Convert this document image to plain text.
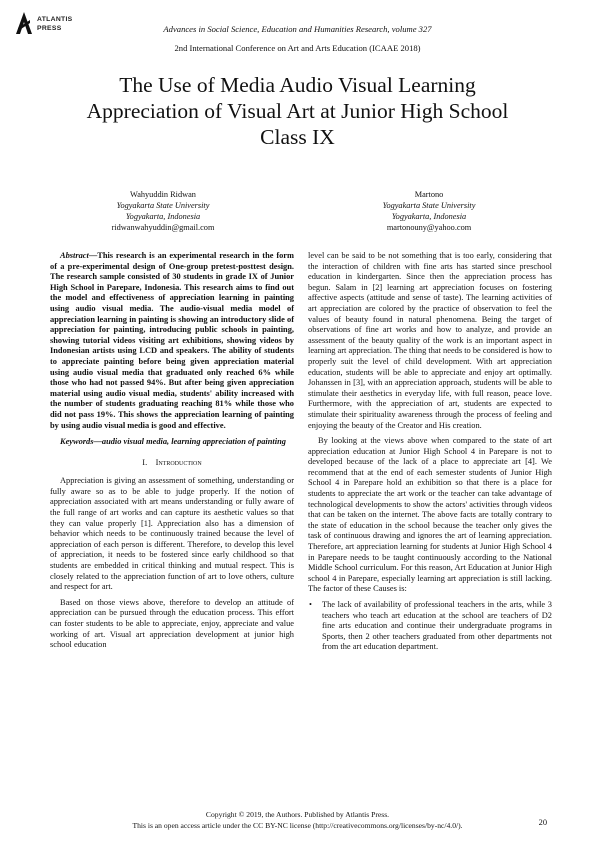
ATLANTIS
PRESS	Advances in Social Science, Education and Humanities Research, volume 327
2nd International Conference on Art and Arts Education (ICAAE 2018)
The Use of Media Audio Visual Learning
Appreciation of Visual Art at Junior High School
Class IX
Wahyuddin Ridwan
Yogyakarta State University
Yogyakarta, Indonesia
ridwanwahyuddin@gmail.com
Martono
Yogyakarta State University
Yogyakarta, Indonesia
martonouny@yahoo.com

Abstract—This research is an experimental research in the form of a pre-experimental design of One-group pretest-posttest design. The research sample consisted of 30 students in grade IX of Junior High School in Parepare, Indonesia. This research aims to find out the model and effectiveness of appreciation learning in painting using audio visual media. The audio-visual media model of appreciation learning in painting is showing an introductory slide of appreciation for painting, introducing public schools in painting, showing tutorial videos visiting art exhibitions, showing videos by Indonesian artists using LCD and speakers. The ability of students to appreciate painting before being given appreciation material using audio visual media that graduated only reached 6% while those who had not passed 94%. But after being given appreciation material using audio visual media, students' ability increased with the number of students graduating reaching 81% while those who did not pass 19%. This shows the appreciation learning of painting by using audio visual media is good and effective.

Keywords—audio visual media, learning appreciation of painting

I. Introduction

Appreciation is giving an assessment of something, understanding or fully aware so as to be able to judge properly. If the notion of appreciation associated with art means understanding or fully aware of the full range of art works and can capture its aesthetic values so that they can value properly [1]. Appreciation also has a dimension of behavior which needs to be continuously trained because the level of appreciation of each person is different. Therefore, to develop this level of appreciation, it needs to be fostered since early childhood so that students are embedded in critical thinking and mutual respect. This is closely related to the appreciation function of art to love others, culture and respect for art.

Based on those views above, therefore to develop an attitude of appreciation can be pursued through the education process. This effort can foster students to be able to appreciate, enjoy, appreciate and value working of art. Visual art appreciation development at junior high school education

level can be said to be not something that is too early, considering that the interaction of children with fine arts has started since preschool education in kindergarten. Since then the appreciation process has begun. Salam in [2] learning art appreciation focuses on fostering affective aspects (attitude and sense of taste). The learning activities of art appreciation are colored by the practice of observation to feel the values of beauty found in natural phenomena. Being the target of observations of fine art works and how to analyze, and provide an assessment of the beauty quality of the work is an important aspect in learning art appreciation. The thing that needs to be considered is how to properly suit the level of child development. With art appreciation education, students will be able to appreciate and enjoy art optimally. Johanssen in [3], with an appreciation approach, students will be able to stimulate their aesthetics in everyday life, with full reason, peace love. Furthermore, with the appreciation of art, students are expected to stimulate their spirituality awareness through the process of feeling and enjoying the beauty of the Creator and His creation.

By looking at the views above when compared to the state of art appreciation education at Junior High School 4 in Parepare is not to developed because of the lack of a place to appreciate art [4]. We recommend that at the end of each semester students of Junior High School 4 in Parepare hold an exhibition so that there is a place for students to appreciate the art work or the teacher can take advantage of technological developments to show the actors' activities through videos that can be taken on the internet. The above facts are totally contrary to the state of education in the school because the teacher only gives the task of continuous drawing and ignores the art of learning appreciation. Therefore, art appreciation learning for students at Junior High School 4 in Parepare needs to be taught continuously according to the National Middle School curriculum. For this reason, Art Education at Junior High school 4 in Parepare, especially learning art appreciation is still lacking. The factor of these Causes is:

• The lack of availability of professional teachers in the arts, while 3 teachers who teach art education at the school are teachers of D2 fine arts education and continue their undergraduate programs in Sports, then 2 other teachers graduated from other departments not from the art education department.
Copyright © 2019, the Authors. Published by Atlantis Press.
This is an open access article under the CC BY-NC license (http://creativecommons.org/licenses/by-nc/4.0/).	20
